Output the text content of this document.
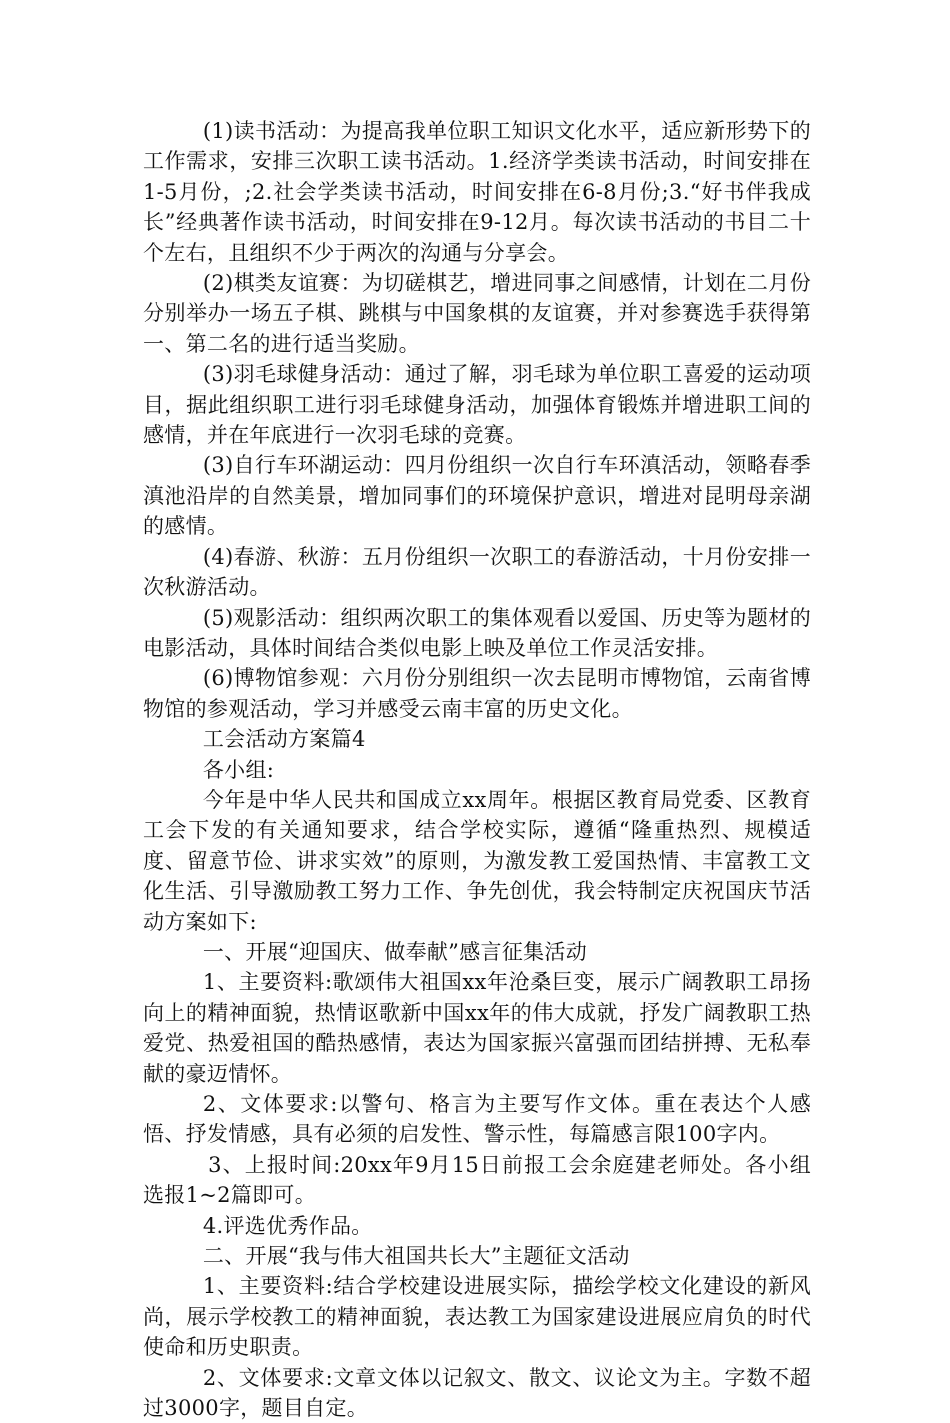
(1)读书活动：为提高我单位职工知识文化水平，适应新形势下的工作需求，安排三次职工读书活动。1.经济学类读书活动，时间安排在1-5月份，;2.社会学类读书活动，时间安排在6-8月份;3.“好书伴我成长”经典著作读书活动，时间安排在9-12月。每次读书活动的书目二十个左右，且组织不少于两次的沟通与分享会。

(2)棋类友谊赛：为切磋棋艺，增进同事之间感情，计划在二月份分别举办一场五子棋、跳棋与中国象棋的友谊赛，并对参赛选手获得第一、第二名的进行适当奖励。

(3)羽毛球健身活动：通过了解，羽毛球为单位职工喜爱的运动项目，据此组织职工进行羽毛球健身活动，加强体育锻炼并增进职工间的感情，并在年底进行一次羽毛球的竞赛。

(3)自行车环湖运动：四月份组织一次自行车环滇活动，领略春季滇池沿岸的自然美景，增加同事们的环境保护意识，增进对昆明母亲湖的感情。

(4)春游、秋游：五月份组织一次职工的春游活动，十月份安排一次秋游活动。

(5)观影活动：组织两次职工的集体观看以爱国、历史等为题材的电影活动，具体时间结合类似电影上映及单位工作灵活安排。

(6)博物馆参观：六月份分别组织一次去昆明市博物馆，云南省博物馆的参观活动，学习并感受云南丰富的历史文化。

工会活动方案篇4

各小组:

今年是中华人民共和国成立xx周年。根据区教育局党委、区教育工会下发的有关通知要求，结合学校实际，遵循“隆重热烈、规模适度、留意节俭、讲求实效”的原则，为激发教工爱国热情、丰富教工文化生活、引导激励教工努力工作、争先创优，我会特制定庆祝国庆节活动方案如下:

一、开展“迎国庆、做奉献”感言征集活动

1、主要资料:歌颂伟大祖国xx年沧桑巨变，展示广阔教职工昂扬向上的精神面貌，热情讴歌新中国xx年的伟大成就，抒发广阔教职工热爱党、热爱祖国的酷热感情，表达为国家振兴富强而团结拼搏、无私奉献的豪迈情怀。

2、文体要求:以警句、格言为主要写作文体。重在表达个人感悟、抒发情感，具有必须的启发性、警示性，每篇感言限100字内。

3、上报时间:20xx年9月15日前报工会余庭建老师处。各小组选报1~2篇即可。

4.评选优秀作品。

二、开展“我与伟大祖国共长大”主题征文活动

1、主要资料:结合学校建设进展实际，描绘学校文化建设的新风尚，展示学校教工的精神面貌，表达教工为国家建设进展应肩负的时代使命和历史职责。

2、文体要求:文章文体以记叙文、散文、议论文为主。字数不超过3000字，题目自定。
